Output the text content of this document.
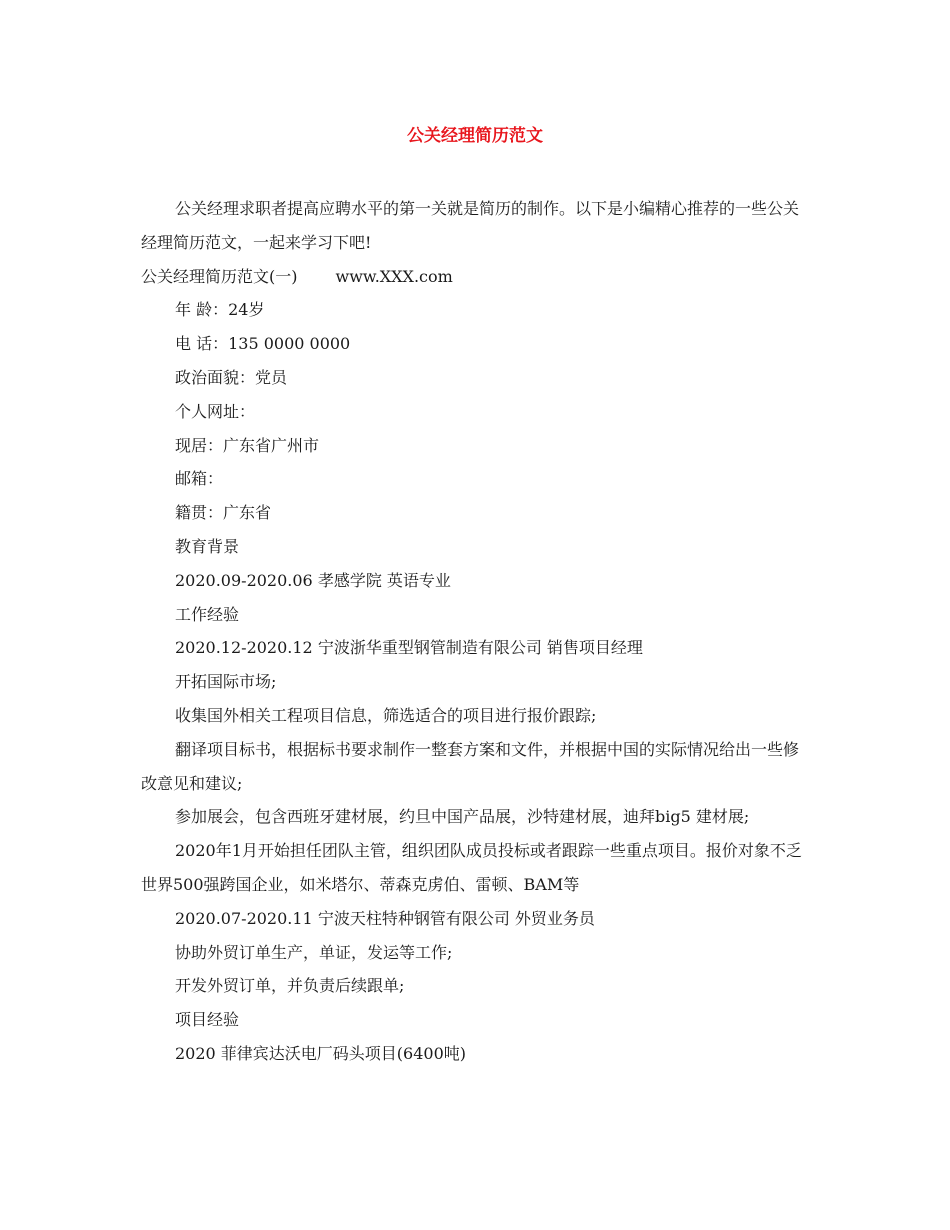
公关经理简历范文

公关经理求职者提高应聘水平的第一关就是简历的制作。以下是小编精心推荐的一些公关经理简历范文，一起来学习下吧!

公关经理简历范文(一) www.XXX.com

年 龄：24岁

电 话：135 0000 0000

政治面貌：党员

个人网址：

现居：广东省广州市

邮箱：

籍贯：广东省

教育背景

2020.09-2020.06 孝感学院 英语专业

工作经验

2020.12-2020.12 宁波浙华重型钢管制造有限公司 销售项目经理

开拓国际市场;

收集国外相关工程项目信息，筛选适合的项目进行报价跟踪;

翻译项目标书，根据标书要求制作一整套方案和文件，并根据中国的实际情况给出一些修改意见和建议;

参加展会，包含西班牙建材展，约旦中国产品展，沙特建材展，迪拜big5 建材展;

2020年1月开始担任团队主管，组织团队成员投标或者跟踪一些重点项目。报价对象不乏世界500强跨国企业，如米塔尔、蒂森克虏伯、雷顿、BAM等

2020.07-2020.11 宁波天柱特种钢管有限公司 外贸业务员

协助外贸订单生产，单证，发运等工作;

开发外贸订单，并负责后续跟单;

项目经验

2020 菲律宾达沃电厂码头项目(6400吨)
